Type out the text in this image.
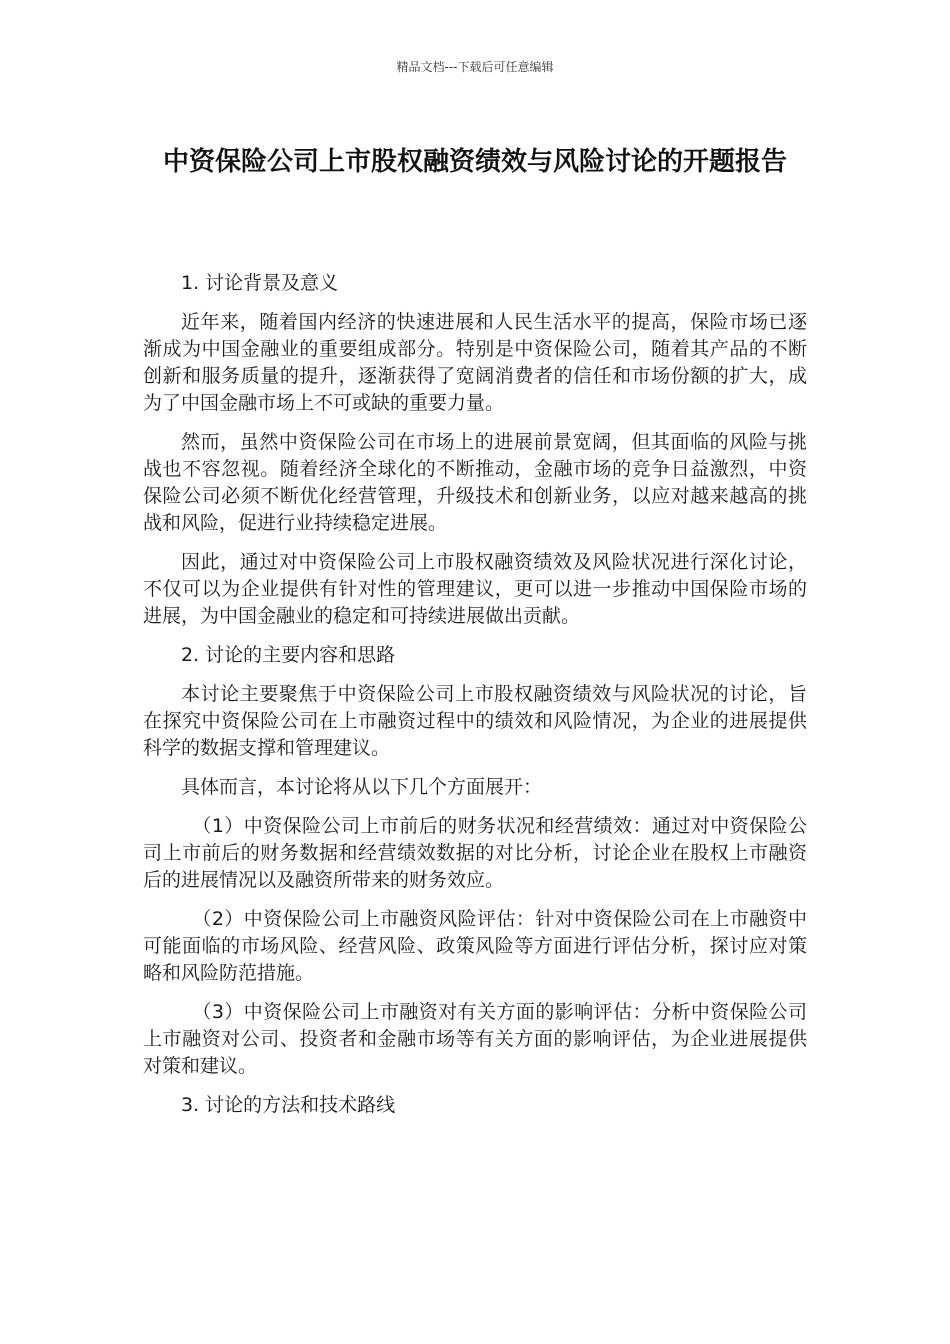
精品文档---下载后可任意编辑
中资保险公司上市股权融资绩效与风险讨论的开题报告

1. 讨论背景及意义

近年来，随着国内经济的快速进展和人民生活水平的提高，保险市场已逐渐成为中国金融业的重要组成部分。特别是中资保险公司，随着其产品的不断创新和服务质量的提升，逐渐获得了宽阔消费者的信任和市场份额的扩大，成为了中国金融市场上不可或缺的重要力量。

然而，虽然中资保险公司在市场上的进展前景宽阔，但其面临的风险与挑战也不容忽视。随着经济全球化的不断推动，金融市场的竞争日益激烈，中资保险公司必须不断优化经营管理，升级技术和创新业务，以应对越来越高的挑战和风险，促进行业持续稳定进展。

因此，通过对中资保险公司上市股权融资绩效及风险状况进行深化讨论，不仅可以为企业提供有针对性的管理建议，更可以进一步推动中国保险市场的进展，为中国金融业的稳定和可持续进展做出贡献。

2. 讨论的主要内容和思路

本讨论主要聚焦于中资保险公司上市股权融资绩效与风险状况的讨论，旨在探究中资保险公司在上市融资过程中的绩效和风险情况，为企业的进展提供科学的数据支撑和管理建议。

具体而言，本讨论将从以下几个方面展开：

（1）中资保险公司上市前后的财务状况和经营绩效：通过对中资保险公司上市前后的财务数据和经营绩效数据的对比分析，讨论企业在股权上市融资后的进展情况以及融资所带来的财务效应。

（2）中资保险公司上市融资风险评估：针对中资保险公司在上市融资中可能面临的市场风险、经营风险、政策风险等方面进行评估分析，探讨应对策略和风险防范措施。

（3）中资保险公司上市融资对有关方面的影响评估：分析中资保险公司上市融资对公司、投资者和金融市场等有关方面的影响评估，为企业进展提供对策和建议。

3. 讨论的方法和技术路线
